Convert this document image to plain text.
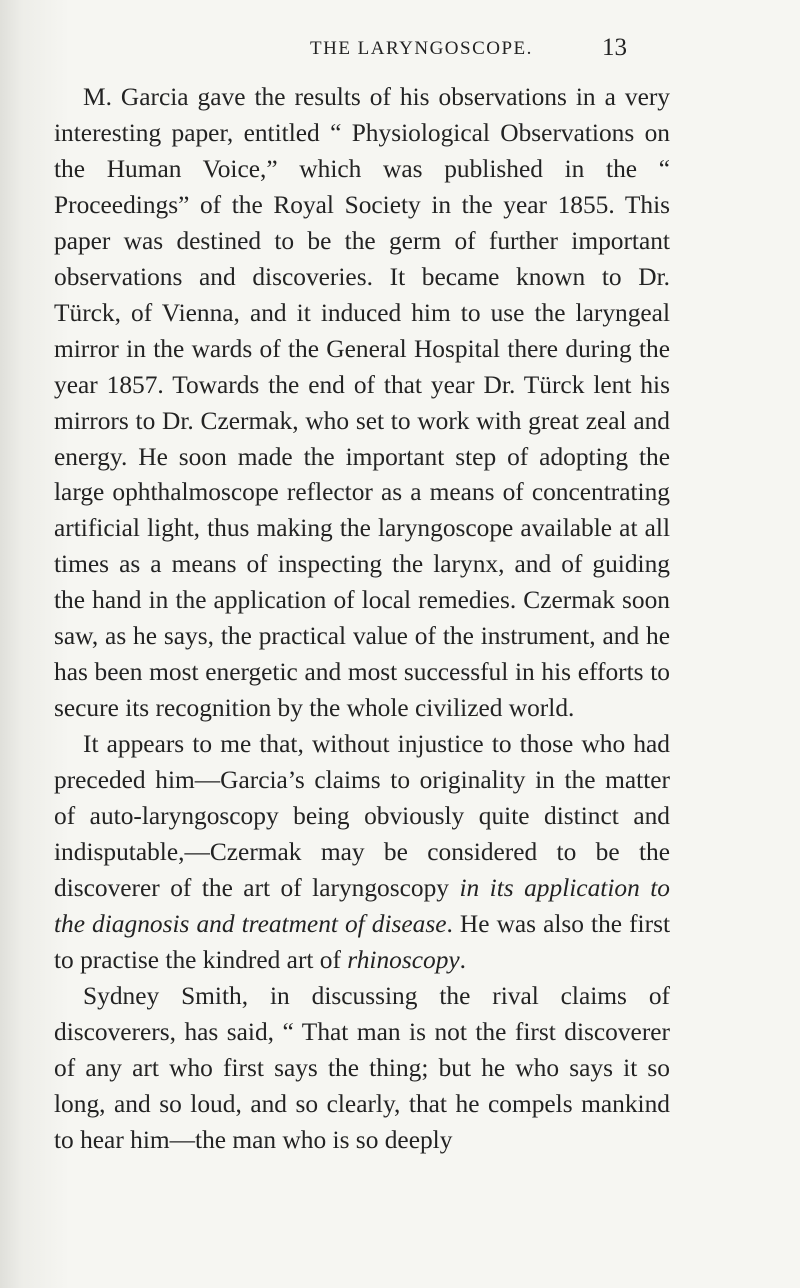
THE LARYNGOSCOPE.	13

M. Garcia gave the results of his observations in a very interesting paper, entitled “ Physiological Observations on the Human Voice,” which was published in the “ Proceedings” of the Royal Society in the year 1855. This paper was destined to be the germ of further important observations and discoveries. It became known to Dr. Türck, of Vienna, and it induced him to use the laryngeal mirror in the wards of the General Hospital there during the year 1857. Towards the end of that year Dr. Türck lent his mirrors to Dr. Czermak, who set to work with great zeal and energy. He soon made the important step of adopting the large ophthalmoscope reflector as a means of concentrating artificial light, thus making the laryngoscope available at all times as a means of inspecting the larynx, and of guiding the hand in the application of local remedies. Czermak soon saw, as he says, the practical value of the instrument, and he has been most energetic and most successful in his efforts to secure its recognition by the whole civilized world.

It appears to me that, without injustice to those who had preceded him—Garcia’s claims to originality in the matter of auto-laryngoscopy being obviously quite distinct and indisputable,—Czermak may be considered to be the discoverer of the art of laryngoscopy in its application to the diagnosis and treatment of disease. He was also the first to practise the kindred art of rhinoscopy.

Sydney Smith, in discussing the rival claims of discoverers, has said, “ That man is not the first discoverer of any art who first says the thing; but he who says it so long, and so loud, and so clearly, that he compels mankind to hear him—the man who is so deeply
